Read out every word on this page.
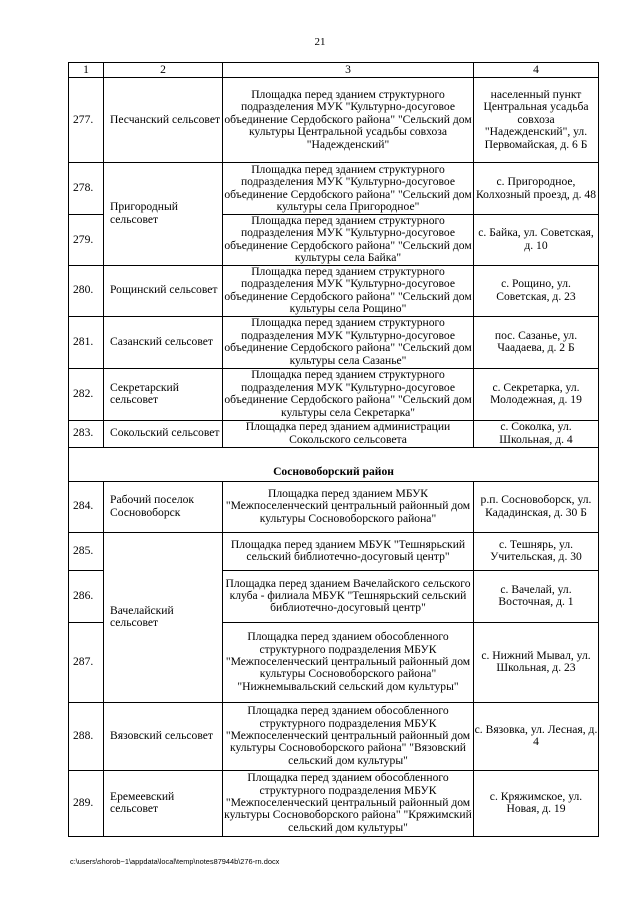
21
1	2	3	4
277.	Песчанский сельсовет	Площадка перед зданием структурного подразделения МУК "Культурно-досуговое объединение Сердобского района" "Сельский дом культуры Центральной усадьбы совхоза "Надежденский"	населенный пункт Центральная усадьба совхоза "Надежденский", ул. Первомайская, д. 6 Б
278.	Пригородный сельсовет	Площадка перед зданием структурного подразделения МУК "Культурно-досуговое объединение Сердобского района" "Сельский дом культуры села Пригородное"	с. Пригородное, Колхозный проезд, д. 48
279.		Площадка перед зданием структурного подразделения МУК "Культурно-досуговое объединение Сердобского района" "Сельский дом культуры села Байка"	с. Байка, ул. Советская, д. 10
280.	Рощинский сельсовет	Площадка перед зданием структурного подразделения МУК "Культурно-досуговое объединение Сердобского района" "Сельский дом культуры села Рощино"	с. Рощино, ул. Советская, д. 23
281.	Сазанский сельсовет	Площадка перед зданием структурного подразделения МУК "Культурно-досуговое объединение Сердобского района" "Сельский дом культуры села Сазанье"	пос. Сазанье, ул. Чаадаева, д. 2 Б
282.	Секретарский сельсовет	Площадка перед зданием структурного подразделения МУК "Культурно-досуговое объединение Сердобского района" "Сельский дом культуры села Секретарка"	с. Секретарка, ул. Молодежная, д. 19
283.	Сокольский сельсовет	Площадка перед зданием администрации Сокольского сельсовета	с. Соколка, ул. Школьная, д. 4
Сосновоборский район			
284.	Рабочий поселок Сосновоборск	Площадка перед зданием МБУК "Межпоселенческий центральный районный дом культуры Сосновоборского района"	р.п. Сосновоборск, ул. Кададинская, д. 30 Б
285.	Вачелайский сельсовет	Площадка перед зданием МБУК "Тешнярьский сельский библиотечно-досуговый центр"	с. Тешнярь, ул. Учительская, д. 30
286.		Площадка перед зданием Вачелайского сельского клуба - филиала МБУК "Тешнярьский сельский библиотечно-досуговый центр"	с. Вачелай, ул. Восточная, д. 1
287.		Площадка перед зданием обособленного структурного подразделения МБУК "Межпоселенческий центральный районный дом культуры Сосновоборского района" "Нижнемывальский сельский дом культуры"	с. Нижний Мывал, ул. Школьная, д. 23
288.	Вязовский сельсовет	Площадка перед зданием обособленного структурного подразделения МБУК "Межпоселенческий центральный районный дом культуры Сосновоборского района" "Вязовский сельский дом культуры"	с. Вязовка, ул. Лесная, д. 4
289.	Еремеевский сельсовет	Площадка перед зданием обособленного структурного подразделения МБУК "Межпоселенческий центральный районный дом культуры Сосновоборского района" "Кряжимский сельский дом культуры"	с. Кряжимское, ул. Новая, д. 19
c:\users\shorob~1\appdata\local\temp\notes87944b\276-rn.docx
